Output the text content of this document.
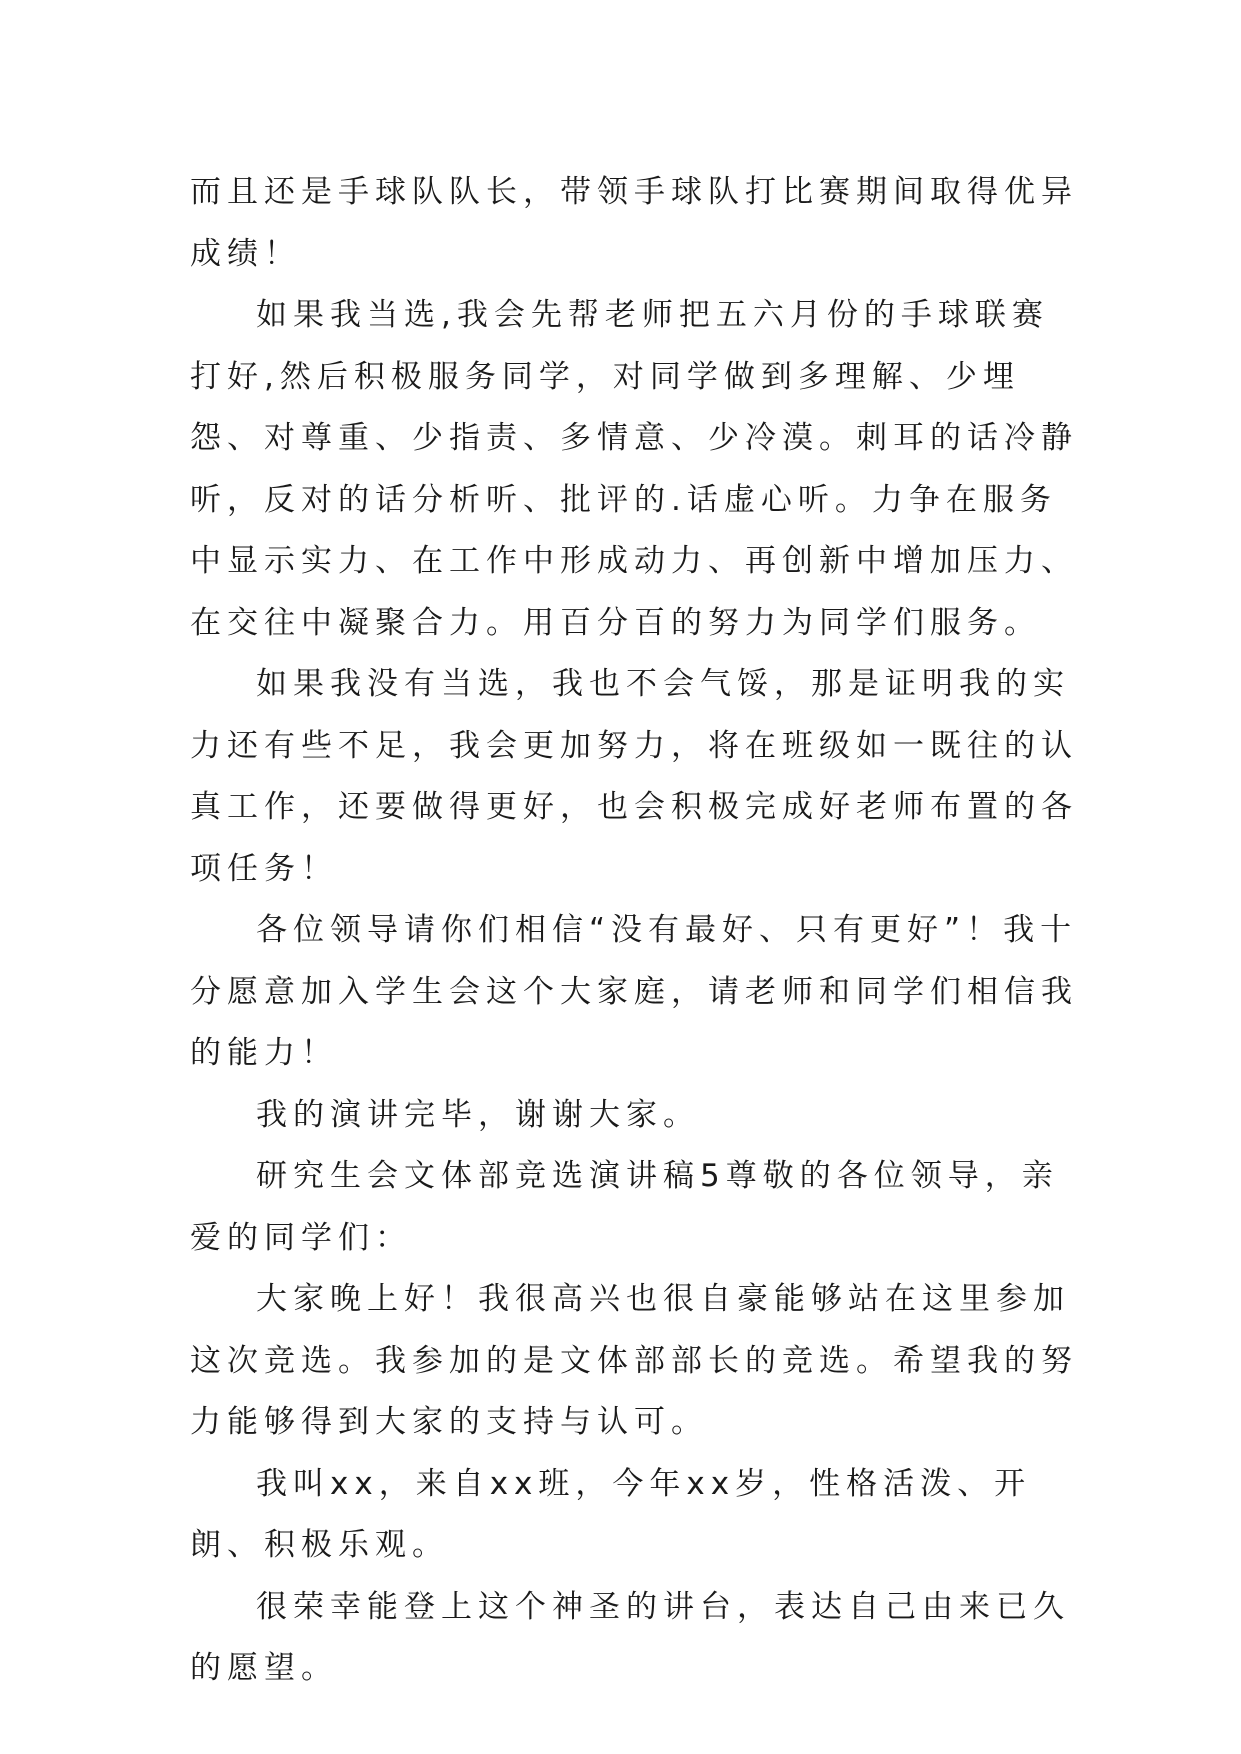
而且还是手球队队长，带领手球队打比赛期间取得优异成绩！

如果我当选,我会先帮老师把五六月份的手球联赛打好,然后积极服务同学，对同学做到多理解、少埋怨、对尊重、少指责、多情意、少冷漠。刺耳的话冷静听，反对的话分析听、批评的.话虚心听。力争在服务中显示实力、在工作中形成动力、再创新中增加压力、在交往中凝聚合力。用百分百的努力为同学们服务。

如果我没有当选，我也不会气馁，那是证明我的实力还有些不足，我会更加努力，将在班级如一既往的认真工作，还要做得更好，也会积极完成好老师布置的各项任务！

各位领导请你们相信“没有最好、只有更好”！我十分愿意加入学生会这个大家庭，请老师和同学们相信我的能力！

我的演讲完毕，谢谢大家。

研究生会文体部竞选演讲稿5尊敬的各位领导，亲爱的同学们：

大家晚上好！我很高兴也很自豪能够站在这里参加这次竞选。我参加的是文体部部长的竞选。希望我的努力能够得到大家的支持与认可。

我叫xx，来自xx班，今年xx岁，性格活泼、开朗、积极乐观。

很荣幸能登上这个神圣的讲台，表达自己由来已久的愿望。
